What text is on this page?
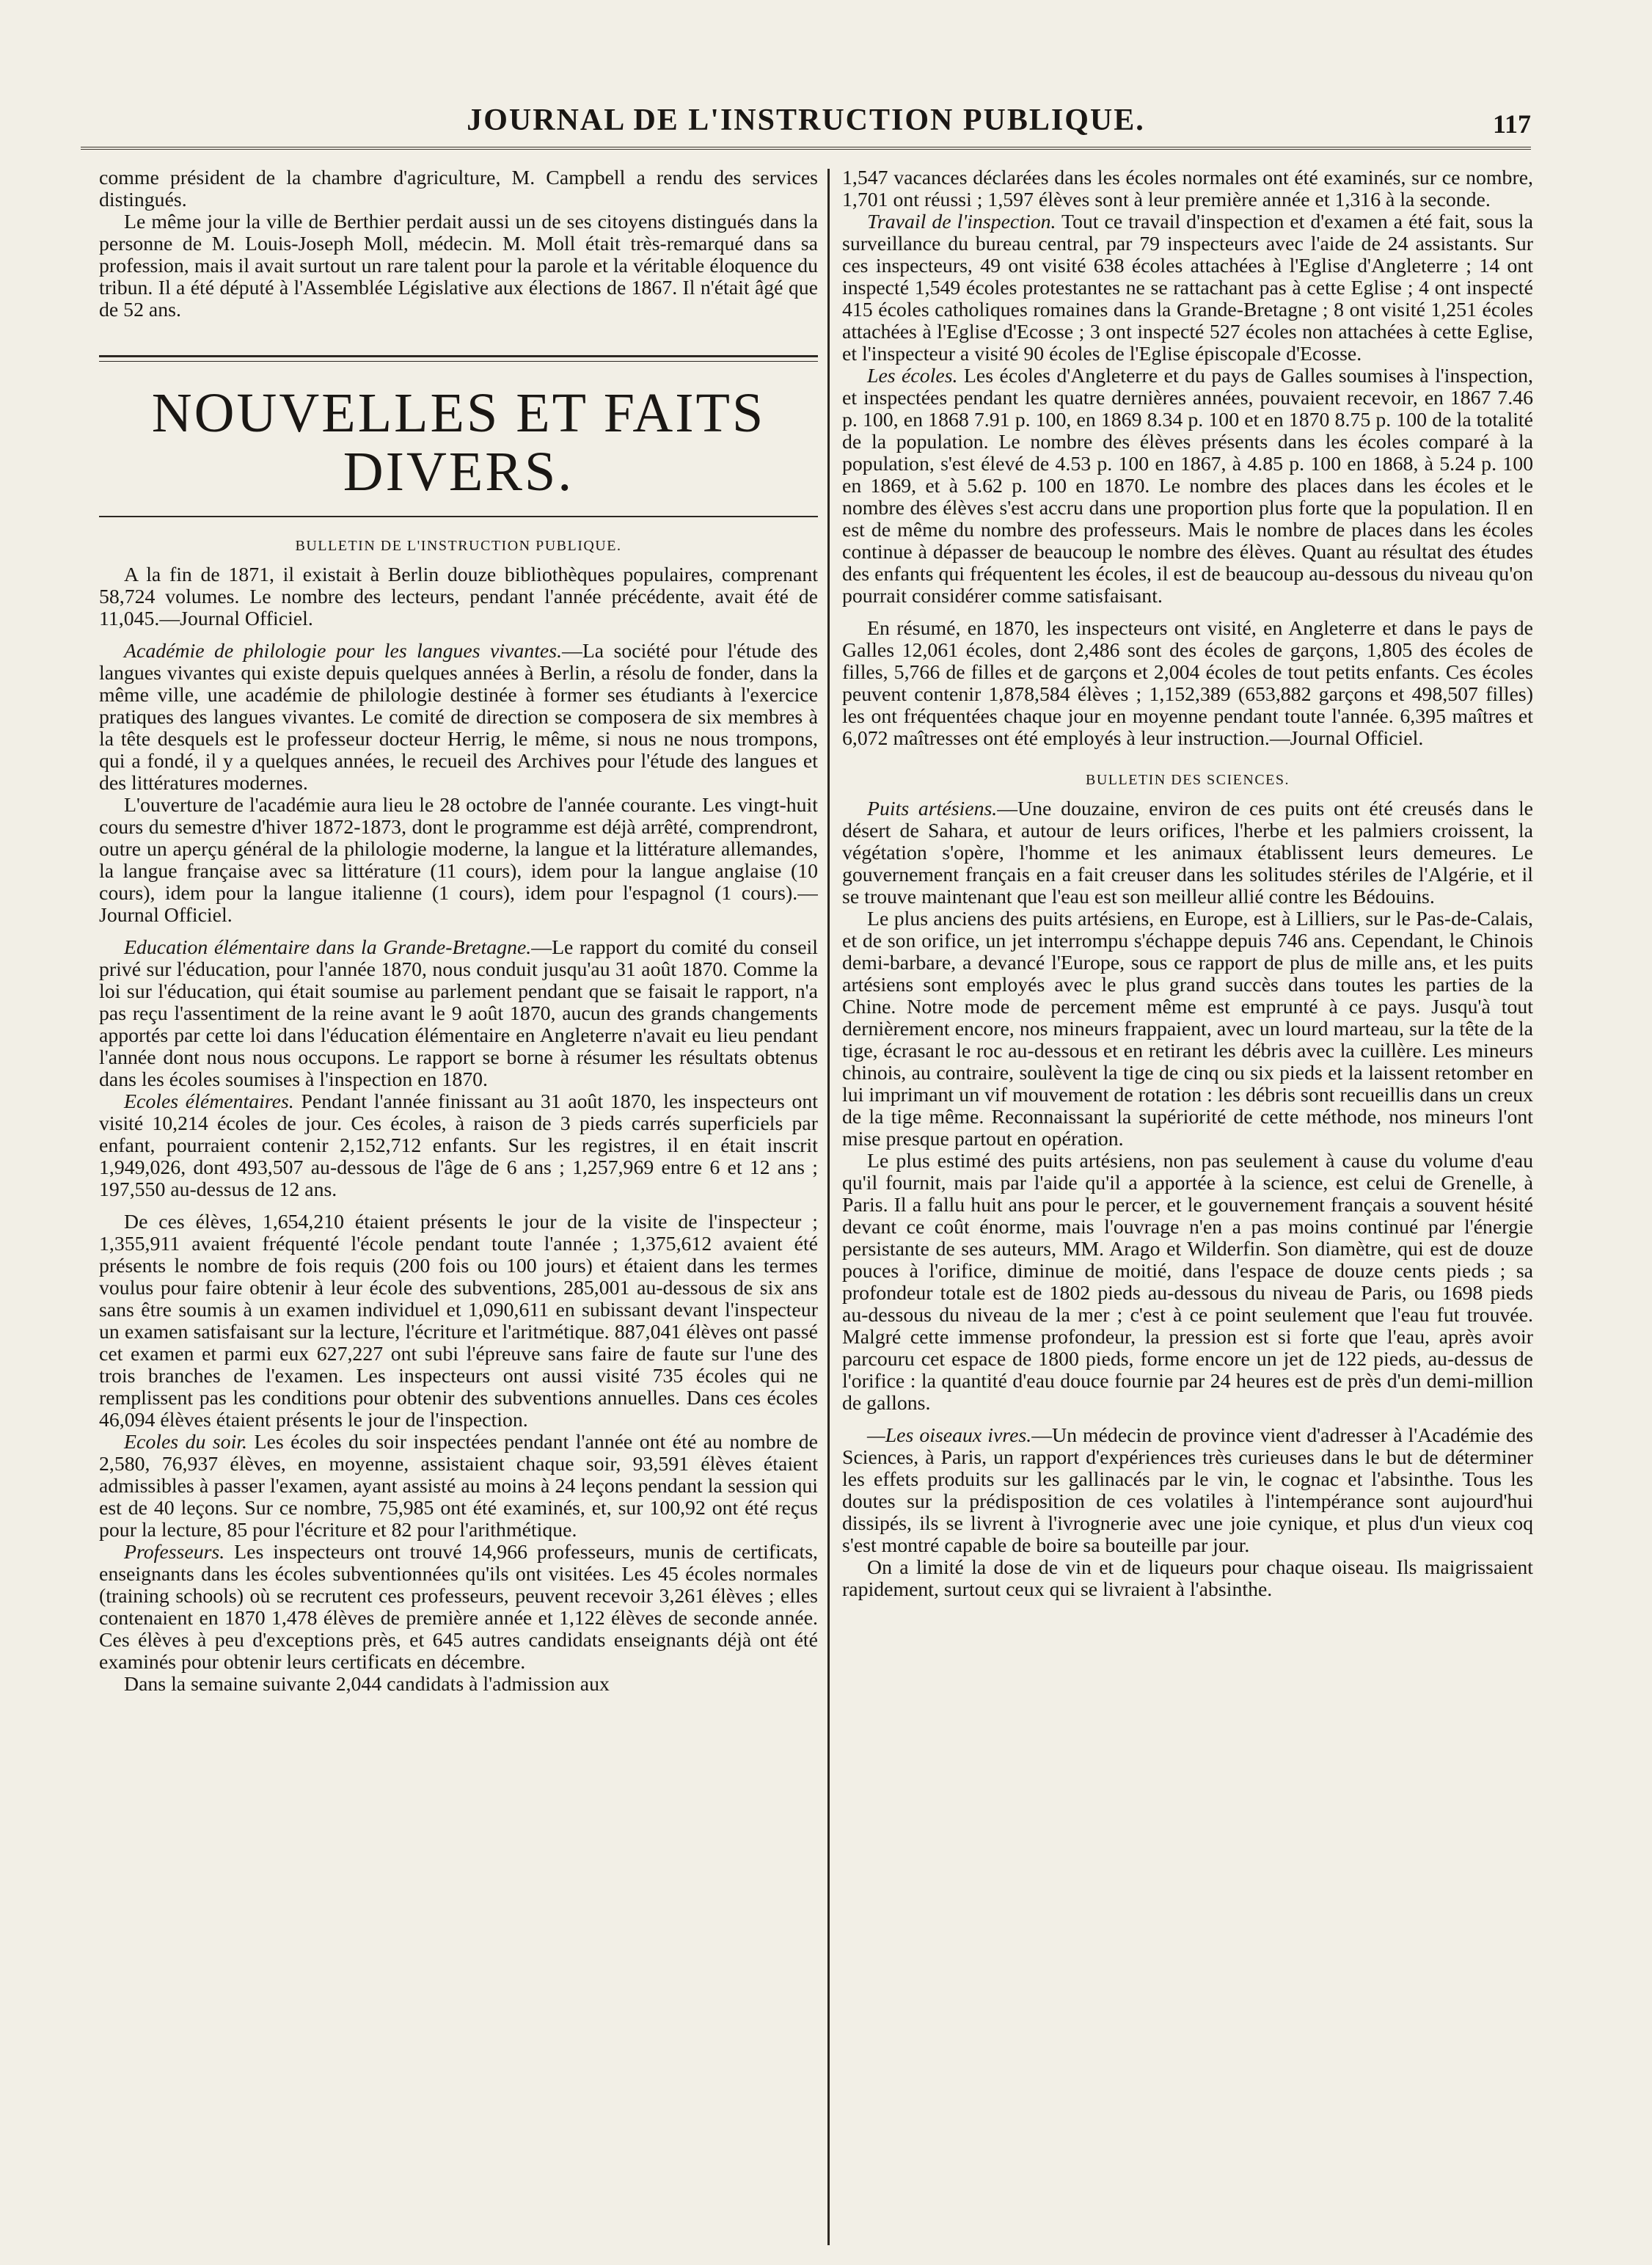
JOURNAL DE L'INSTRUCTION PUBLIQUE.	117

comme président de la chambre d'agriculture, M. Campbell a rendu des services distingués.

Le même jour la ville de Berthier perdait aussi un de ses citoyens distingués dans la personne de M. Louis-Joseph Moll, médecin. M. Moll était très-remarqué dans sa profession, mais il avait surtout un rare talent pour la parole et la véritable éloquence du tribun. Il a été député à l'Assemblée Législative aux élections de 1867. Il n'était âgé que de 52 ans.

NOUVELLES ET FAITS DIVERS.
BULLETIN DE L'INSTRUCTION PUBLIQUE.

A la fin de 1871, il existait à Berlin douze bibliothèques populaires, comprenant 58,724 volumes. Le nombre des lecteurs, pendant l'année précédente, avait été de 11,045.—Journal Officiel.

Académie de philologie pour les langues vivantes.—La société pour l'étude des langues vivantes qui existe depuis quelques années à Berlin, a résolu de fonder, dans la même ville, une académie de philologie destinée à former ses étudiants à l'exercice pratiques des langues vivantes. Le comité de direction se composera de six membres à la tête desquels est le professeur docteur Herrig, le même, si nous ne nous trompons, qui a fondé, il y a quelques années, le recueil des Archives pour l'étude des langues et des littératures modernes.

L'ouverture de l'académie aura lieu le 28 octobre de l'année courante. Les vingt-huit cours du semestre d'hiver 1872-1873, dont le programme est déjà arrêté, comprendront, outre un aperçu général de la philologie moderne, la langue et la littérature allemandes, la langue française avec sa littérature (11 cours), idem pour la langue anglaise (10 cours), idem pour la langue italienne (1 cours), idem pour l'espagnol (1 cours).—Journal Officiel.

Education élémentaire dans la Grande-Bretagne.—Le rapport du comité du conseil privé sur l'éducation, pour l'année 1870, nous conduit jusqu'au 31 août 1870. Comme la loi sur l'éducation, qui était soumise au parlement pendant que se faisait le rapport, n'a pas reçu l'assentiment de la reine avant le 9 août 1870, aucun des grands changements apportés par cette loi dans l'éducation élémentaire en Angleterre n'avait eu lieu pendant l'année dont nous nous occupons. Le rapport se borne à résumer les résultats obtenus dans les écoles soumises à l'inspection en 1870.

Ecoles élémentaires. Pendant l'année finissant au 31 août 1870, les inspecteurs ont visité 10,214 écoles de jour. Ces écoles, à raison de 3 pieds carrés superficiels par enfant, pourraient contenir 2,152,712 enfants. Sur les registres, il en était inscrit 1,949,026, dont 493,507 au-dessous de l'âge de 6 ans ; 1,257,969 entre 6 et 12 ans ; 197,550 au-dessus de 12 ans.

De ces élèves, 1,654,210 étaient présents le jour de la visite de l'inspecteur ; 1,355,911 avaient fréquenté l'école pendant toute l'année ; 1,375,612 avaient été présents le nombre de fois requis (200 fois ou 100 jours) et étaient dans les termes voulus pour faire obtenir à leur école des subventions, 285,001 au-dessous de six ans sans être soumis à un examen individuel et 1,090,611 en subissant devant l'inspecteur un examen satisfaisant sur la lecture, l'écriture et l'aritmétique. 887,041 élèves ont passé cet examen et parmi eux 627,227 ont subi l'épreuve sans faire de faute sur l'une des trois branches de l'examen. Les inspecteurs ont aussi visité 735 écoles qui ne remplissent pas les conditions pour obtenir des subventions annuelles. Dans ces écoles 46,094 élèves étaient présents le jour de l'inspection.

Ecoles du soir. Les écoles du soir inspectées pendant l'année ont été au nombre de 2,580, 76,937 élèves, en moyenne, assistaient chaque soir, 93,591 élèves étaient admissibles à passer l'examen, ayant assisté au moins à 24 leçons pendant la session qui est de 40 leçons. Sur ce nombre, 75,985 ont été examinés, et, sur 100,92 ont été reçus pour la lecture, 85 pour l'écriture et 82 pour l'arithmétique.

Professeurs. Les inspecteurs ont trouvé 14,966 professeurs, munis de certificats, enseignants dans les écoles subventionnées qu'ils ont visitées. Les 45 écoles normales (training schools) où se recrutent ces professeurs, peuvent recevoir 3,261 élèves ; elles contenaient en 1870 1,478 élèves de première année et 1,122 élèves de seconde année. Ces élèves à peu d'exceptions près, et 645 autres candidats enseignants déjà ont été examinés pour obtenir leurs certificats en décembre.

Dans la semaine suivante 2,044 candidats à l'admission aux

1,547 vacances déclarées dans les écoles normales ont été examinés, sur ce nombre, 1,701 ont réussi ; 1,597 élèves sont à leur première année et 1,316 à la seconde.

Travail de l'inspection. Tout ce travail d'inspection et d'examen a été fait, sous la surveillance du bureau central, par 79 inspecteurs avec l'aide de 24 assistants. Sur ces inspecteurs, 49 ont visité 638 écoles attachées à l'Eglise d'Angleterre ; 14 ont inspecté 1,549 écoles protestantes ne se rattachant pas à cette Eglise ; 4 ont inspecté 415 écoles catholiques romaines dans la Grande-Bretagne ; 8 ont visité 1,251 écoles attachées à l'Eglise d'Ecosse ; 3 ont inspecté 527 écoles non attachées à cette Eglise, et l'inspecteur a visité 90 écoles de l'Eglise épiscopale d'Ecosse.

Les écoles. Les écoles d'Angleterre et du pays de Galles soumises à l'inspection, et inspectées pendant les quatre dernières années, pouvaient recevoir, en 1867 7.46 p. 100, en 1868 7.91 p. 100, en 1869 8.34 p. 100 et en 1870 8.75 p. 100 de la totalité de la population. Le nombre des élèves présents dans les écoles comparé à la population, s'est élevé de 4.53 p. 100 en 1867, à 4.85 p. 100 en 1868, à 5.24 p. 100 en 1869, et à 5.62 p. 100 en 1870. Le nombre des places dans les écoles et le nombre des élèves s'est accru dans une proportion plus forte que la population. Il en est de même du nombre des professeurs. Mais le nombre de places dans les écoles continue à dépasser de beaucoup le nombre des élèves. Quant au résultat des études des enfants qui fréquentent les écoles, il est de beaucoup au-dessous du niveau qu'on pourrait considérer comme satisfaisant.

En résumé, en 1870, les inspecteurs ont visité, en Angleterre et dans le pays de Galles 12,061 écoles, dont 2,486 sont des écoles de garçons, 1,805 des écoles de filles, 5,766 de filles et de garçons et 2,004 écoles de tout petits enfants. Ces écoles peuvent contenir 1,878,584 élèves ; 1,152,389 (653,882 garçons et 498,507 filles) les ont fréquentées chaque jour en moyenne pendant toute l'année. 6,395 maîtres et 6,072 maîtresses ont été employés à leur instruction.—Journal Officiel.

BULLETIN DES SCIENCES.

Puits artésiens.—Une douzaine, environ de ces puits ont été creusés dans le désert de Sahara, et autour de leurs orifices, l'herbe et les palmiers croissent, la végétation s'opère, l'homme et les animaux établissent leurs demeures. Le gouvernement français en a fait creuser dans les solitudes stériles de l'Algérie, et il se trouve maintenant que l'eau est son meilleur allié contre les Bédouins.

Le plus anciens des puits artésiens, en Europe, est à Lilliers, sur le Pas-de-Calais, et de son orifice, un jet interrompu s'échappe depuis 746 ans. Cependant, le Chinois demi-barbare, a devancé l'Europe, sous ce rapport de plus de mille ans, et les puits artésiens sont employés avec le plus grand succès dans toutes les parties de la Chine. Notre mode de percement même est emprunté à ce pays. Jusqu'à tout dernièrement encore, nos mineurs frappaient, avec un lourd marteau, sur la tête de la tige, écrasant le roc au-dessous et en retirant les débris avec la cuillère. Les mineurs chinois, au contraire, soulèvent la tige de cinq ou six pieds et la laissent retomber en lui imprimant un vif mouvement de rotation : les débris sont recueillis dans un creux de la tige même. Reconnaissant la supériorité de cette méthode, nos mineurs l'ont mise presque partout en opération.

Le plus estimé des puits artésiens, non pas seulement à cause du volume d'eau qu'il fournit, mais par l'aide qu'il a apportée à la science, est celui de Grenelle, à Paris. Il a fallu huit ans pour le percer, et le gouvernement français a souvent hésité devant ce coût énorme, mais l'ouvrage n'en a pas moins continué par l'énergie persistante de ses auteurs, MM. Arago et Wilderfin. Son diamètre, qui est de douze pouces à l'orifice, diminue de moitié, dans l'espace de douze cents pieds ; sa profondeur totale est de 1802 pieds au-dessous du niveau de Paris, ou 1698 pieds au-dessous du niveau de la mer ; c'est à ce point seulement que l'eau fut trouvée. Malgré cette immense profondeur, la pression est si forte que l'eau, après avoir parcouru cet espace de 1800 pieds, forme encore un jet de 122 pieds, au-dessus de l'orifice : la quantité d'eau douce fournie par 24 heures est de près d'un demi-million de gallons.

—Les oiseaux ivres.—Un médecin de province vient d'adresser à l'Académie des Sciences, à Paris, un rapport d'expériences très curieuses dans le but de déterminer les effets produits sur les gallinacés par le vin, le cognac et l'absinthe. Tous les doutes sur la prédisposition de ces volatiles à l'intempérance sont aujourd'hui dissipés, ils se livrent à l'ivrognerie avec une joie cynique, et plus d'un vieux coq s'est montré capable de boire sa bouteille par jour.

On a limité la dose de vin et de liqueurs pour chaque oiseau. Ils maigrissaient rapidement, surtout ceux qui se livraient à l'absinthe.
